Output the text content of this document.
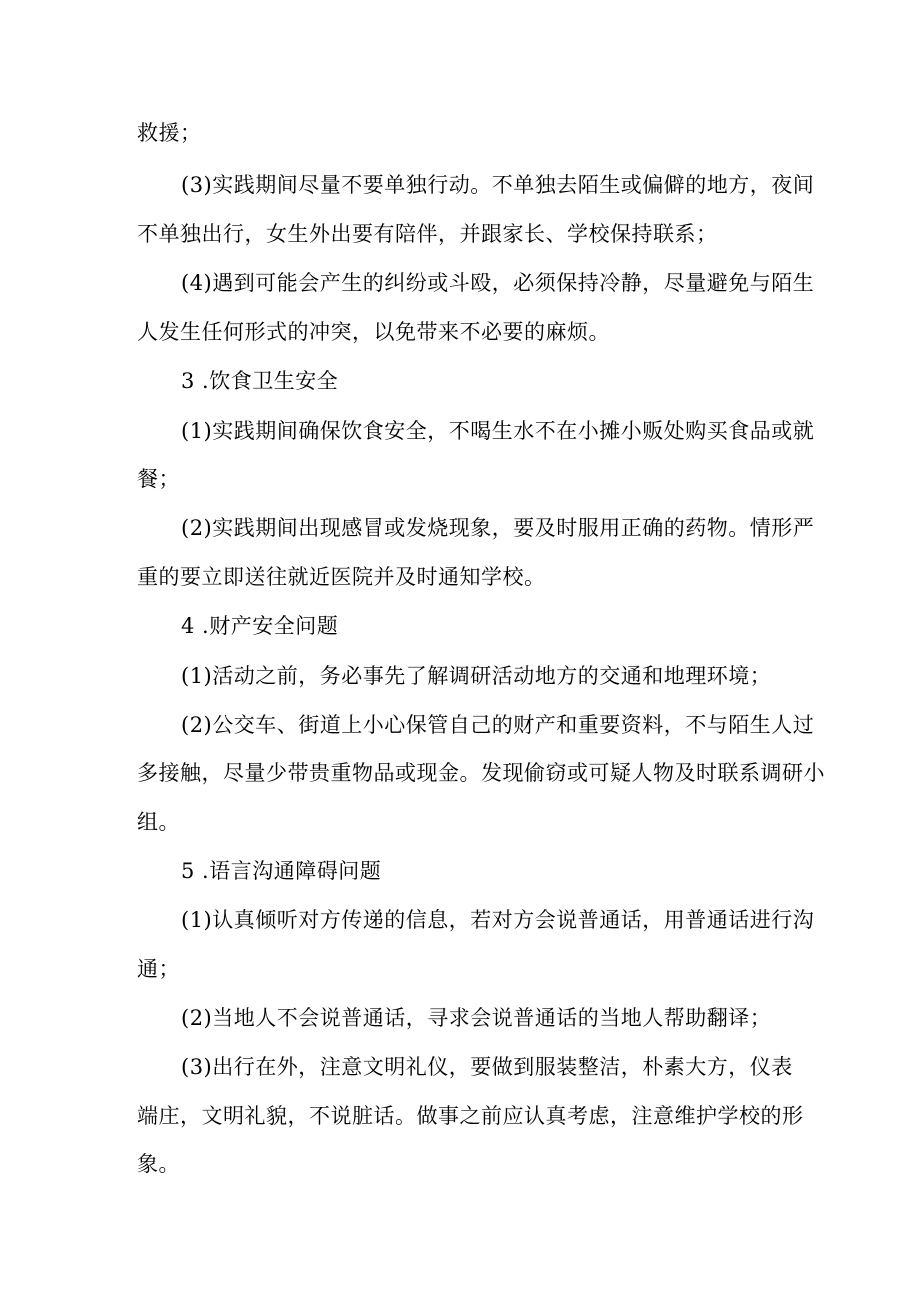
救援；
(3)实践期间尽量不要单独行动。不单独去陌生或偏僻的地方，夜间
不单独出行，女生外出要有陪伴，并跟家长、学校保持联系；
(4)遇到可能会产生的纠纷或斗殴，必须保持冷静，尽量避免与陌生
人发生任何形式的冲突，以免带来不必要的麻烦。
3 .饮食卫生安全
(1)实践期间确保饮食安全，不喝生水不在小摊小贩处购买食品或就
餐；
(2)实践期间出现感冒或发烧现象，要及时服用正确的药物。情形严
重的要立即送往就近医院并及时通知学校。
4 .财产安全问题
(1)活动之前，务必事先了解调研活动地方的交通和地理环境；
(2)公交车、街道上小心保管自己的财产和重要资料，不与陌生人过
多接触，尽量少带贵重物品或现金。发现偷窃或可疑人物及时联系调研小
组。
5 .语言沟通障碍问题
(1)认真倾听对方传递的信息，若对方会说普通话，用普通话进行沟
通；
(2)当地人不会说普通话，寻求会说普通话的当地人帮助翻译；
(3)出行在外，注意文明礼仪，要做到服装整洁，朴素大方，仪表
端庄，文明礼貌，不说脏话。做事之前应认真考虑，注意维护学校的形
象。
